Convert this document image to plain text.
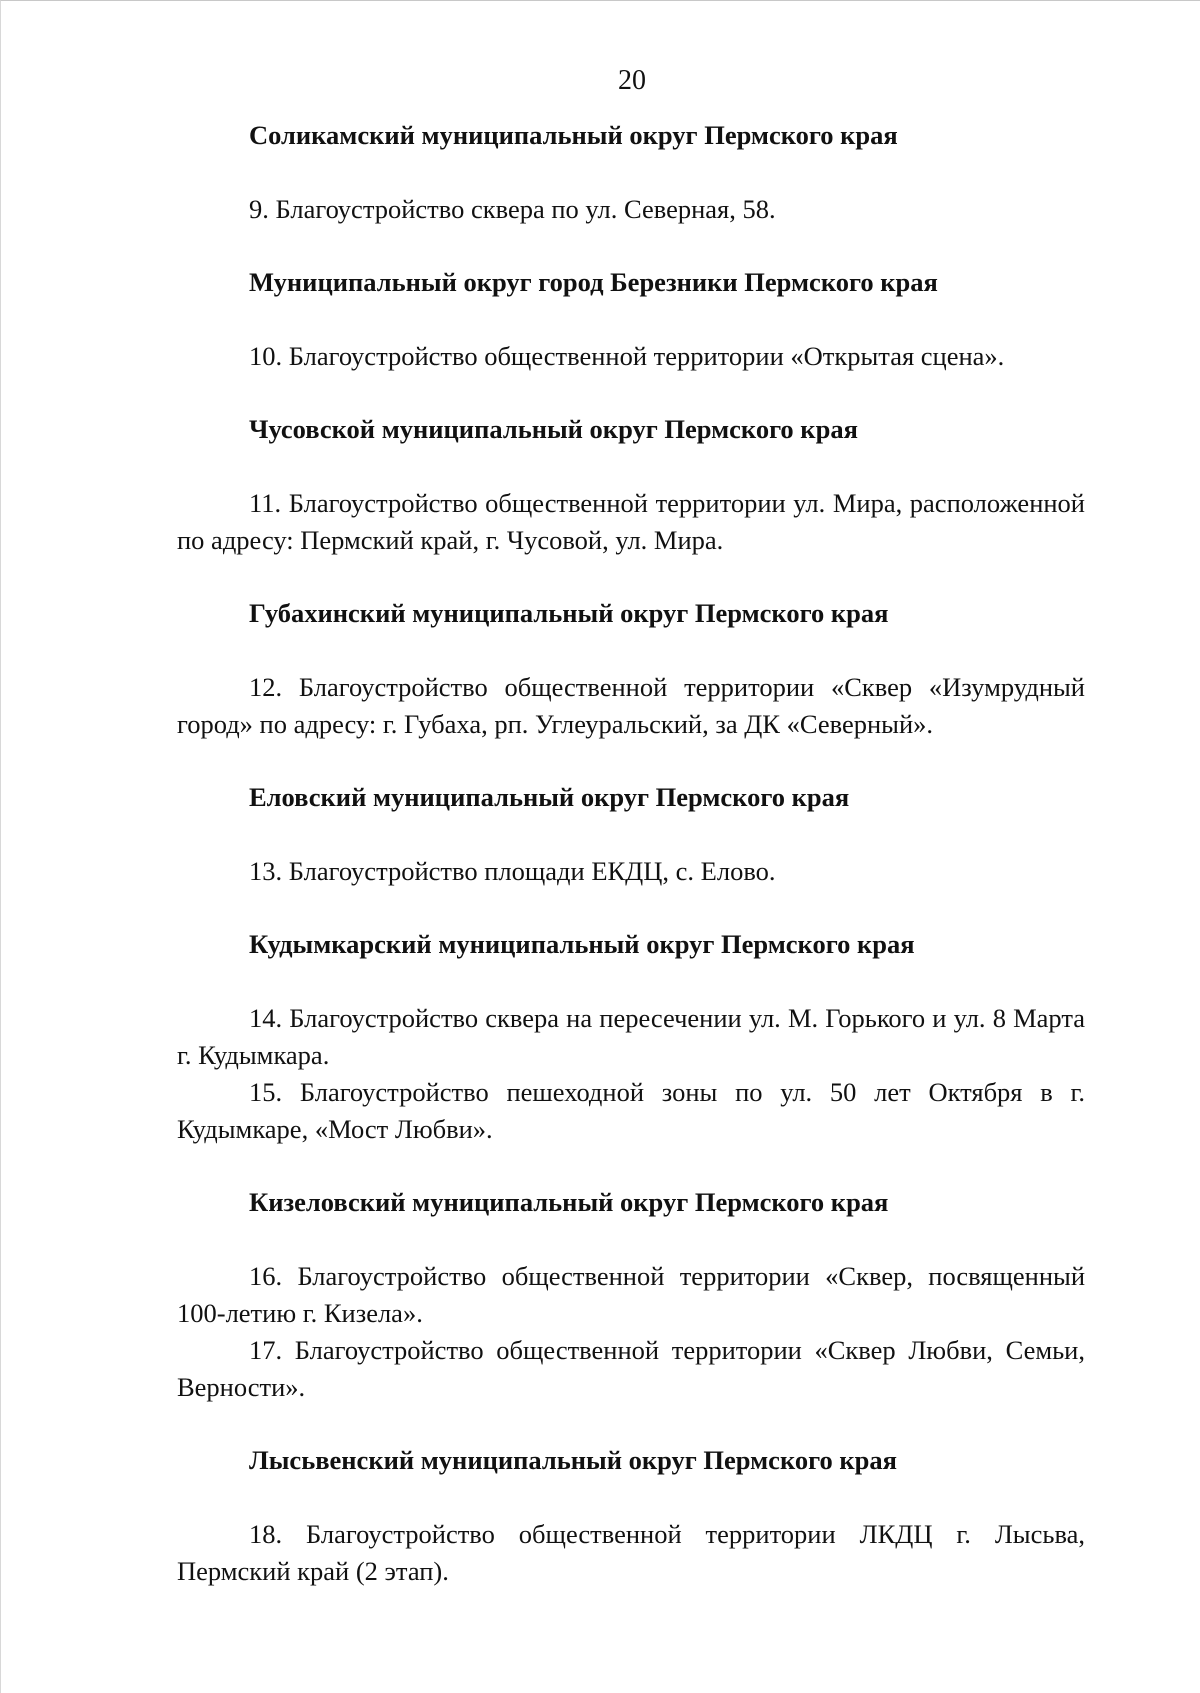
20
Соликамский муниципальный округ Пермского края

9. Благоустройство сквера по ул. Северная, 58.

Муниципальный округ город Березники Пермского края

10. Благоустройство общественной территории «Открытая сцена».

Чусовской муниципальный округ Пермского края

11. Благоустройство общественной территории ул. Мира, расположенной по адресу: Пермский край, г. Чусовой, ул. Мира.

Губахинский муниципальный округ Пермского края

12. Благоустройство общественной территории «Сквер «Изумрудный город» по адресу: г. Губаха, рп. Углеуральский, за ДК «Северный».

Еловский муниципальный округ Пермского края

13. Благоустройство площади ЕКДЦ, с. Елово.

Кудымкарский муниципальный округ Пермского края

14. Благоустройство сквера на пересечении ул. М. Горького и ул. 8 Марта г. Кудымкара.

15. Благоустройство пешеходной зоны по ул. 50 лет Октября в г. Кудымкаре, «Мост Любви».

Кизеловский муниципальный округ Пермского края

16. Благоустройство общественной территории «Сквер, посвященный 100-летию г. Кизела».

17. Благоустройство общественной территории «Сквер Любви, Семьи, Верности».

Лысьвенский муниципальный округ Пермского края

18. Благоустройство общественной территории ЛКДЦ г. Лысьва, Пермский край (2 этап).
